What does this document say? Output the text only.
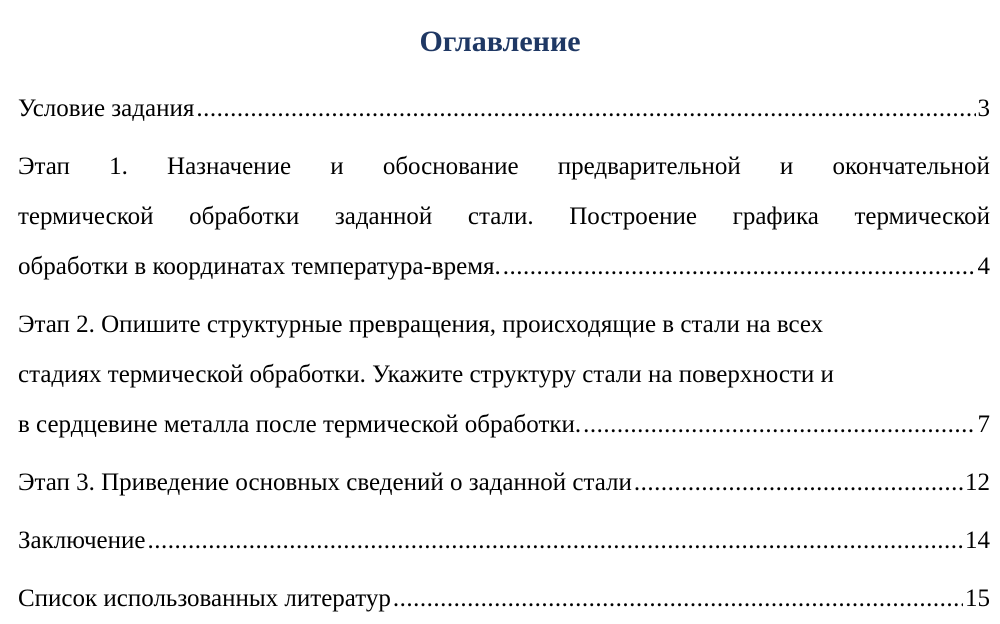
Оглавление
Условие задания .....	3
Этап 1. Назначение и обоснование предварительной и окончательной
термической обработки заданной стали. Построение графика термической
обработки в координатах температура-время. .....	4
Этап 2. Опишите структурные превращения, происходящие в стали на всех
стадиях термической обработки. Укажите структуру стали на поверхности и
в сердцевине металла после термической обработки. .....	7
Этап 3. Приведение основных сведений о заданной стали .....	12
Заключение .....	14
Список использованных литератур .....	15
